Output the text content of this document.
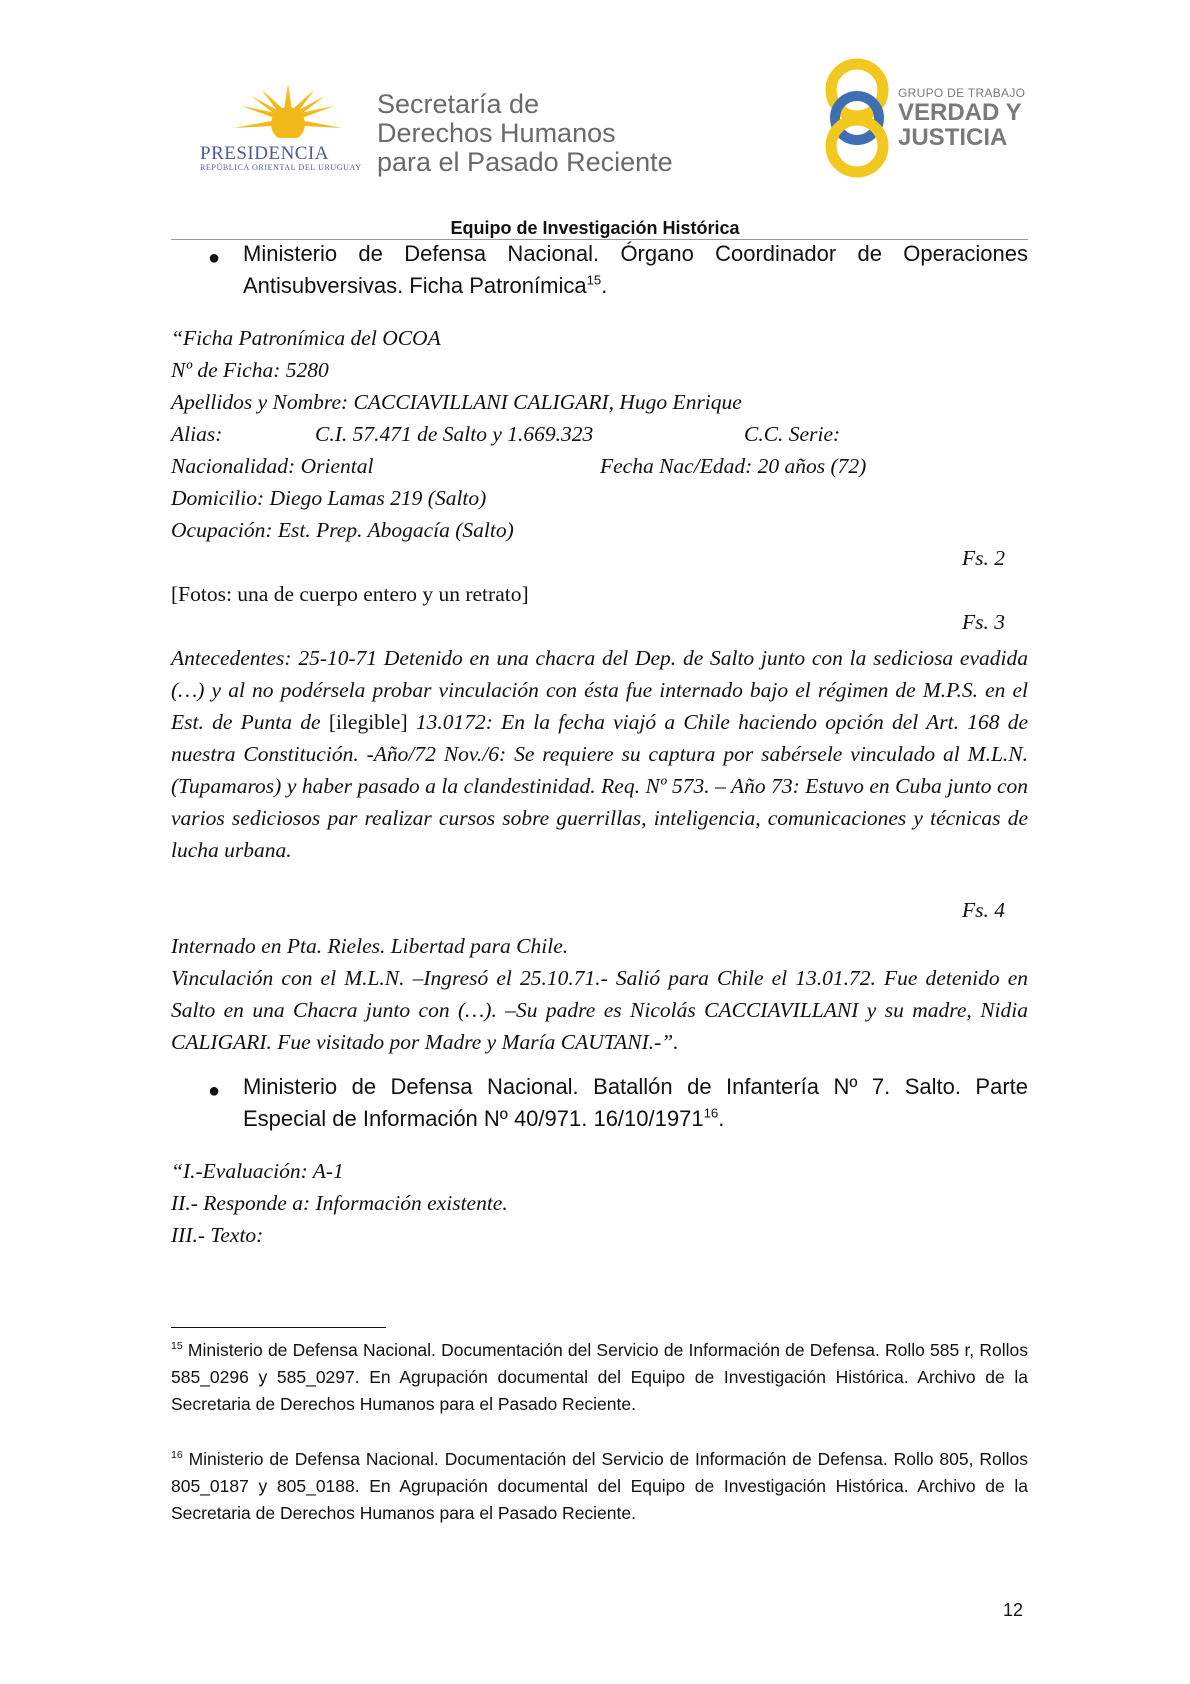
PRESIDENCIA
REPÚBLICA ORIENTAL DEL URUGUAY
Secretaría de
Derechos Humanos
para el Pasado Reciente
GRUPO DE TRABAJO
VERDAD Y
JUSTICIA
Equipo de Investigación Histórica
● Ministerio de Defensa Nacional. Órgano Coordinador de Operaciones Antisubversivas. Ficha Patronímica$^{15}$.
“Ficha Patronímica del OCOA
Nº de Ficha: 5280
Apellidos y Nombre: CACCIAVILLANI CALIGARI, Hugo Enrique
Alias:	C.I. 57.471 de Salto y 1.669.323	C.C. Serie:
Nacionalidad: Oriental	Fecha Nac/Edad: 20 años (72)
Domicilio: Diego Lamas 219 (Salto)
Ocupación: Est. Prep. Abogacía (Salto)
Fs. 2
[Fotos: una de cuerpo entero y un retrato]
Fs. 3
Antecedentes: 25-10-71 Detenido en una chacra del Dep. de Salto junto con la sediciosa evadida (…) y al no podérsela probar vinculación con ésta fue internado bajo el régimen de M.P.S. en el Est. de Punta de [ilegible] 13.0172: En la fecha viajó a Chile haciendo opción del Art. 168 de nuestra Constitución. -Año/72 Nov./6: Se requiere su captura por sabérsele vinculado al M.L.N. (Tupamaros) y haber pasado a la clandestinidad. Req. Nº 573. – Año 73: Estuvo en Cuba junto con varios sediciosos par realizar cursos sobre guerrillas, inteligencia, comunicaciones y técnicas de lucha urbana.
Fs. 4
Internado en Pta. Rieles. Libertad para Chile.
Vinculación con el M.L.N. –Ingresó el 25.10.71.- Salió para Chile el 13.01.72. Fue detenido en Salto en una Chacra junto con (…). –Su padre es Nicolás CACCIAVILLANI y su madre, Nidia CALIGARI. Fue visitado por Madre y María CAUTANI.-”.
● Ministerio de Defensa Nacional. Batallón de Infantería Nº 7. Salto. Parte Especial de Información Nº 40/971. 16/10/1971$^{16}$.
“I.-Evaluación: A-1
II.- Responde a: Información existente.
III.- Texto:
$^{15}$ Ministerio de Defensa Nacional. Documentación del Servicio de Información de Defensa. Rollo 585 r, Rollos 585_0296 y 585_0297. En Agrupación documental del Equipo de Investigación Histórica. Archivo de la Secretaria de Derechos Humanos para el Pasado Reciente.
$^{16}$ Ministerio de Defensa Nacional. Documentación del Servicio de Información de Defensa. Rollo 805, Rollos 805_0187 y 805_0188. En Agrupación documental del Equipo de Investigación Histórica. Archivo de la Secretaria de Derechos Humanos para el Pasado Reciente.
12
